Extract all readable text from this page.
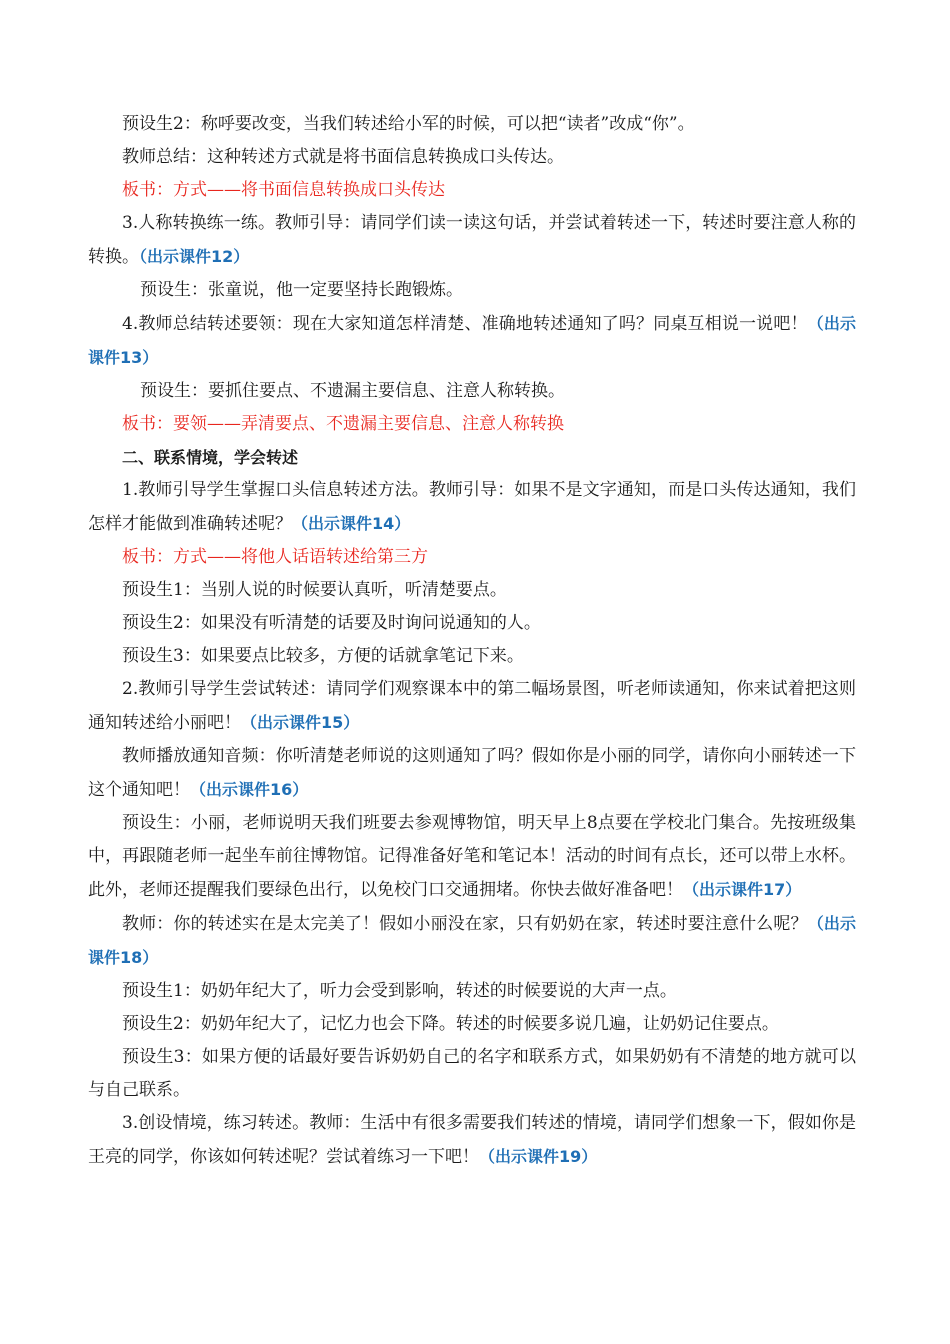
预设生2：称呼要改变，当我们转述给小军的时候，可以把“读者”改成“你”。

教师总结：这种转述方式就是将书面信息转换成口头传达。

板书：方式——将书面信息转换成口头传达

3.人称转换练一练。教师引导：请同学们读一读这句话，并尝试着转述一下，转述时要注意人称的转换。（出示课件12）

预设生：张童说，他一定要坚持长跑锻炼。

4.教师总结转述要领：现在大家知道怎样清楚、准确地转述通知了吗？同桌互相说一说吧！（出示课件13）

预设生：要抓住要点、不遗漏主要信息、注意人称转换。

板书：要领——弄清要点、不遗漏主要信息、注意人称转换

二、联系情境，学会转述

1.教师引导学生掌握口头信息转述方法。教师引导：如果不是文字通知，而是口头传达通知，我们怎样才能做到准确转述呢？（出示课件14）

板书：方式——将他人话语转述给第三方

预设生1：当别人说的时候要认真听，听清楚要点。

预设生2：如果没有听清楚的话要及时询问说通知的人。

预设生3：如果要点比较多，方便的话就拿笔记下来。

2.教师引导学生尝试转述：请同学们观察课本中的第二幅场景图，听老师读通知，你来试着把这则通知转述给小丽吧！（出示课件15）

教师播放通知音频：你听清楚老师说的这则通知了吗？假如你是小丽的同学，请你向小丽转述一下这个通知吧！（出示课件16）

预设生：小丽，老师说明天我们班要去参观博物馆，明天早上8点要在学校北门集合。先按班级集中，再跟随老师一起坐车前往博物馆。记得准备好笔和笔记本！活动的时间有点长，还可以带上水杯。此外，老师还提醒我们要绿色出行，以免校门口交通拥堵。你快去做好准备吧！（出示课件17）

教师：你的转述实在是太完美了！假如小丽没在家，只有奶奶在家，转述时要注意什么呢？（出示课件18）

预设生1：奶奶年纪大了，听力会受到影响，转述的时候要说的大声一点。

预设生2：奶奶年纪大了，记忆力也会下降。转述的时候要多说几遍，让奶奶记住要点。

预设生3：如果方便的话最好要告诉奶奶自己的名字和联系方式，如果奶奶有不清楚的地方就可以与自己联系。

3.创设情境，练习转述。教师：生活中有很多需要我们转述的情境，请同学们想象一下，假如你是王亮的同学，你该如何转述呢？尝试着练习一下吧！（出示课件19）
